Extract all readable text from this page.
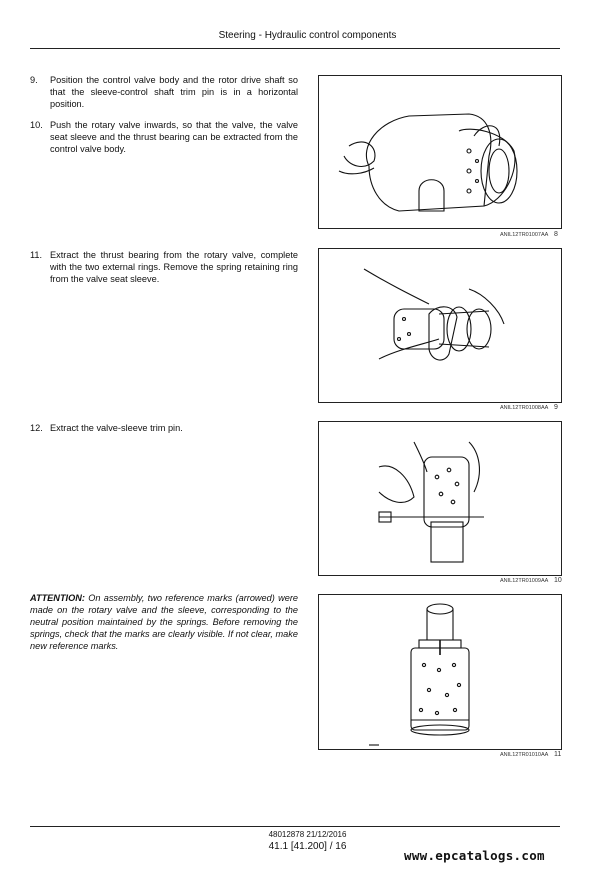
Steering - Hydraulic control components
9. Position the control valve body and the rotor drive shaft so that the sleeve-control shaft trim pin is in a horizontal position.
10. Push the rotary valve inwards, so that the valve, the valve seat sleeve and the thrust bearing can be extracted from the control valve body.
11. Extract the thrust bearing from the rotary valve, complete with the two external rings. Remove the spring retaining ring from the valve seat sleeve.
12. Extract the valve-sleeve trim pin.
ATTENTION: On assembly, two reference marks (arrowed) were made on the rotary valve and the sleeve, corresponding to the neutral position maintained by the springs. Before removing the springs, check that the marks are clearly visible. If not clear, make new reference marks.
ANIL12TR01007AA 8
ANIL12TR01008AA 9
ANIL12TR01009AA 10
ANIL12TR01010AA 11
48012878 21/12/2016
41.1 [41.200] / 16
www.epcatalogs.com
